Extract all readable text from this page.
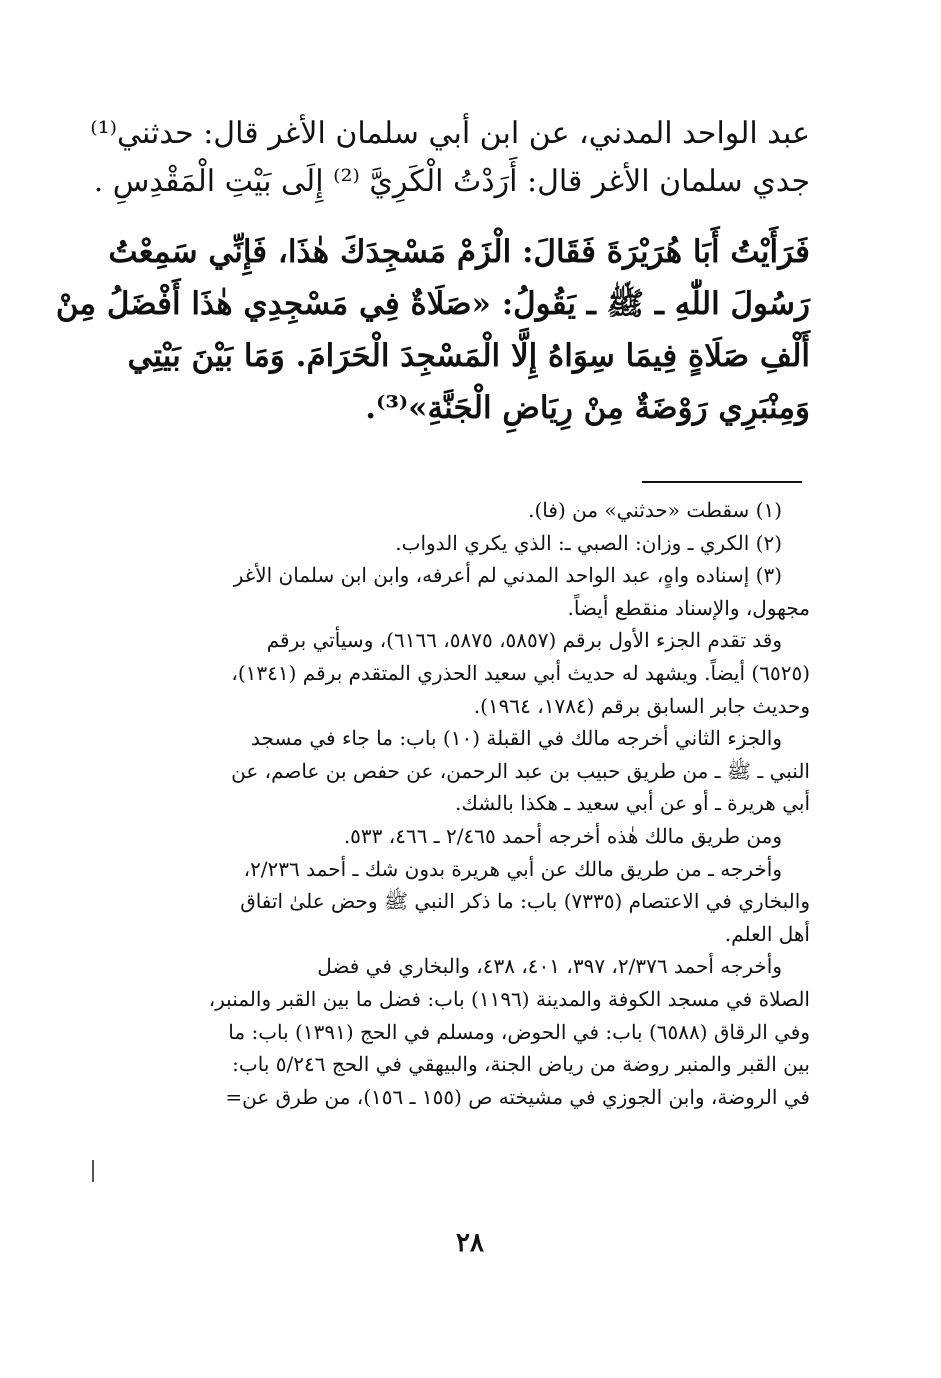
عبد الواحد المدني، عن ابن أبي سلمان الأغر قال: حدثني⁽¹⁾
جدي سلمان الأغر قال: أَرَدْتُ الْكَرِيَّ ⁽²⁾ إِلَى بَيْتِ الْمَقْدِسِ .
فَرَأَيْتُ أَبَا هُرَيْرَةَ فَقَالَ: الْزَمْ مَسْجِدَكَ هٰذَا، فَإِنِّي سَمِعْتُ
رَسُولَ اللّٰهِ ـ ﷺ ـ يَقُولُ: «صَلَاةٌ فِي مَسْجِدِي هٰذَا أَفْضَلُ مِنْ
أَلْفِ صَلَاةٍ فِيمَا سِوَاهُ إِلَّا الْمَسْجِدَ الْحَرَامَ. وَمَا بَيْنَ بَيْتِي
وَمِنْبَرِي رَوْضَةٌ مِنْ رِيَاضِ الْجَنَّةِ»⁽³⁾.
(١) سقطت «حدثني» من (فا).
(٢) الكري ـ وزان: الصبي ـ: الذي يكري الدواب.
(٣) إسناده واهٍ، عبد الواحد المدني لم أعرفه، وابن ابن سلمان الأغر
مجهول، والإسناد منقطع أيضاً.
وقد تقدم الجزء الأول برقم (٥٨٥٧، ٥٨٧٥، ٦١٦٦)، وسيأتي برقم
(٦٥٢٥) أيضاً. ويشهد له حديث أبي سعيد الحذري المتقدم برقم (١٣٤١)،
وحديث جابر السابق برقم (١٧٨٤، ١٩٦٤).
والجزء الثاني أخرجه مالك في القبلة (١٠) باب: ما جاء في مسجد
النبي ـ ﷺ ـ من طريق حبيب بن عبد الرحمن، عن حفص بن عاصم، عن
أبي هريرة ـ أو عن أبي سعيد ـ هكذا بالشك.
ومن طريق مالك هٰذه أخرجه أحمد ٢/٤٦٥ ـ ٤٦٦، ٥٣٣.
وأخرجه ـ من طريق مالك عن أبي هريرة بدون شك ـ أحمد ٢/٢٣٦،
والبخاري في الاعتصام (٧٣٣٥) باب: ما ذكر النبي ﷺ وحض علىٰ اتفاق
أهل العلم.
وأخرجه أحمد ٢/٣٧٦، ٣٩٧، ٤٠١، ٤٣٨، والبخاري في فضل
الصلاة في مسجد الكوفة والمدينة (١١٩٦) باب: فضل ما بين القبر والمنبر،
وفي الرقاق (٦٥٨٨) باب: في الحوض، ومسلم في الحج (١٣٩١) باب: ما
بين القبر والمنبر روضة من رياض الجنة، والبيهقي في الحج ٥/٢٤٦ باب:
في الروضة، وابن الجوزي في مشيخته ص (١٥٥ ـ ١٥٦)، من طرق عن=
٢٨
